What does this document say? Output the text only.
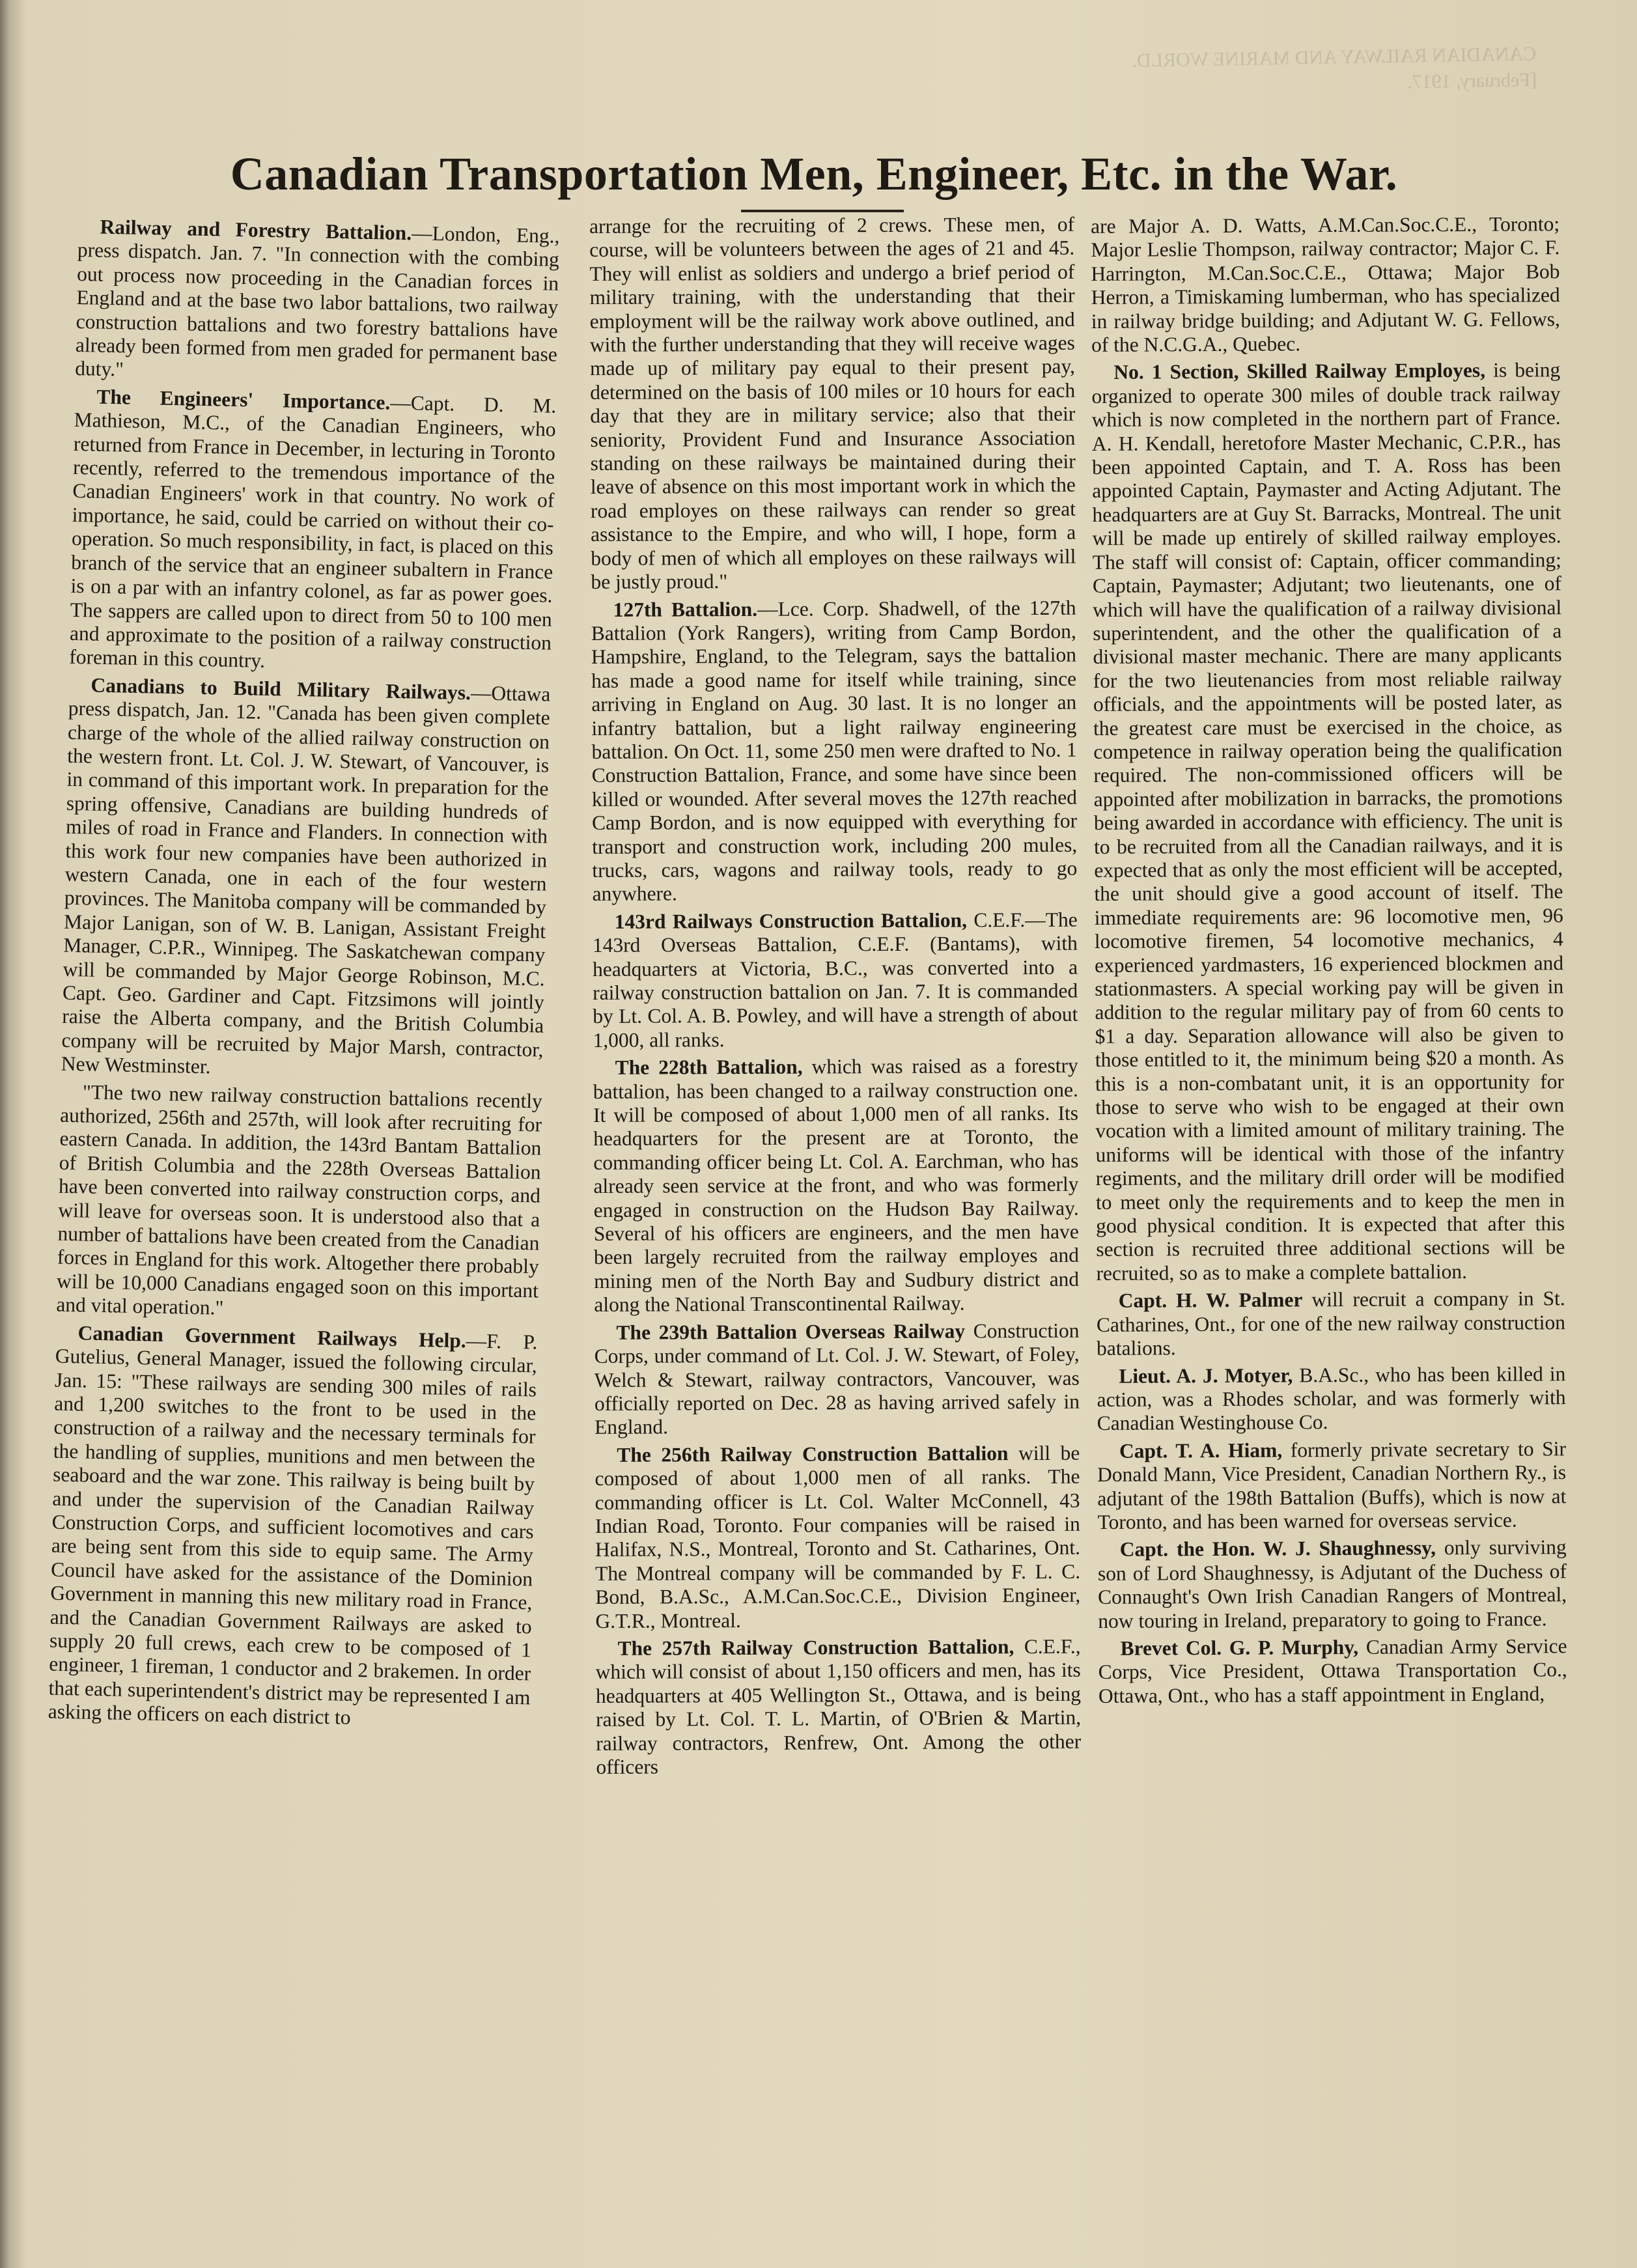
CANADIAN RAILWAY AND MARINE WORLD.
[February, 1917.
Canadian Transportation Men, Engineer, Etc. in the War.

Railway and Forestry Battalion.—London, Eng., press dispatch. Jan. 7. "In connection with the combing out process now proceeding in the Canadian forces in England and at the base two labor battalions, two railway construction battalions and two forestry battalions have already been formed from men graded for permanent base duty."

The Engineers' Importance.—Capt. D. M. Mathieson, M.C., of the Canadian Engineers, who returned from France in December, in lecturing in Toronto recently, referred to the tremendous importance of the Canadian Engineers' work in that country. No work of importance, he said, could be carried on without their co-operation. So much responsibility, in fact, is placed on this branch of the service that an engineer subaltern in France is on a par with an infantry colonel, as far as power goes. The sappers are called upon to direct from 50 to 100 men and approximate to the position of a railway construction foreman in this country.

Canadians to Build Military Railways.—Ottawa press dispatch, Jan. 12. "Canada has been given complete charge of the whole of the allied railway construction on the western front. Lt. Col. J. W. Stewart, of Vancouver, is in command of this important work. In preparation for the spring offensive, Canadians are building hundreds of miles of road in France and Flanders. In connection with this work four new companies have been authorized in western Canada, one in each of the four western provinces. The Manitoba company will be commanded by Major Lanigan, son of W. B. Lanigan, Assistant Freight Manager, C.P.R., Winnipeg. The Saskatchewan company will be commanded by Major George Robinson, M.C. Capt. Geo. Gardiner and Capt. Fitzsimons will jointly raise the Alberta company, and the British Columbia company will be recruited by Major Marsh, contractor, New Westminster.

"The two new railway construction battalions recently authorized, 256th and 257th, will look after recruiting for eastern Canada. In addition, the 143rd Bantam Battalion of British Columbia and the 228th Overseas Battalion have been converted into railway construction corps, and will leave for overseas soon. It is understood also that a number of battalions have been created from the Canadian forces in England for this work. Altogether there probably will be 10,000 Canadians engaged soon on this important and vital operation."

Canadian Government Railways Help.—F. P. Gutelius, General Manager, issued the following circular, Jan. 15: "These railways are sending 300 miles of rails and 1,200 switches to the front to be used in the construction of a railway and the necessary terminals for the handling of supplies, munitions and men between the seaboard and the war zone. This railway is being built by and under the supervision of the Canadian Railway Construction Corps, and sufficient locomotives and cars are being sent from this side to equip same. The Army Council have asked for the assistance of the Dominion Government in manning this new military road in France, and the Canadian Government Railways are asked to supply 20 full crews, each crew to be composed of 1 engineer, 1 fireman, 1 conductor and 2 brakemen. In order that each superintendent's district may be represented I am asking the officers on each district to

arrange for the recruiting of 2 crews. These men, of course, will be volunteers between the ages of 21 and 45. They will enlist as soldiers and undergo a brief period of military training, with the understanding that their employment will be the railway work above outlined, and with the further understanding that they will receive wages made up of military pay equal to their present pay, determined on the basis of 100 miles or 10 hours for each day that they are in military service; also that their seniority, Provident Fund and Insurance Association standing on these railways be maintained during their leave of absence on this most important work in which the road employes on these railways can render so great assistance to the Empire, and who will, I hope, form a body of men of which all employes on these railways will be justly proud."

127th Battalion.—Lce. Corp. Shadwell, of the 127th Battalion (York Rangers), writing from Camp Bordon, Hampshire, England, to the Telegram, says the battalion has made a good name for itself while training, since arriving in England on Aug. 30 last. It is no longer an infantry battalion, but a light railway engineering battalion. On Oct. 11, some 250 men were drafted to No. 1 Construction Battalion, France, and some have since been killed or wounded. After several moves the 127th reached Camp Bordon, and is now equipped with everything for transport and construction work, including 200 mules, trucks, cars, wagons and railway tools, ready to go anywhere.

143rd Railways Construction Battalion, C.E.F.—The 143rd Overseas Battalion, C.E.F. (Bantams), with headquarters at Victoria, B.C., was converted into a railway construction battalion on Jan. 7. It is commanded by Lt. Col. A. B. Powley, and will have a strength of about 1,000, all ranks.

The 228th Battalion, which was raised as a forestry battalion, has been changed to a railway construction one. It will be composed of about 1,000 men of all ranks. Its headquarters for the present are at Toronto, the commanding officer being Lt. Col. A. Earchman, who has already seen service at the front, and who was formerly engaged in construction on the Hudson Bay Railway. Several of his officers are engineers, and the men have been largely recruited from the railway employes and mining men of the North Bay and Sudbury district and along the National Transcontinental Railway.

The 239th Battalion Overseas Railway Construction Corps, under command of Lt. Col. J. W. Stewart, of Foley, Welch & Stewart, railway contractors, Vancouver, was officially reported on Dec. 28 as having arrived safely in England.

The 256th Railway Construction Battalion will be composed of about 1,000 men of all ranks. The commanding officer is Lt. Col. Walter McConnell, 43 Indian Road, Toronto. Four companies will be raised in Halifax, N.S., Montreal, Toronto and St. Catharines, Ont. The Montreal company will be commanded by F. L. C. Bond, B.A.Sc., A.M.Can.Soc.C.E., Division Engineer, G.T.R., Montreal.

The 257th Railway Construction Battalion, C.E.F., which will consist of about 1,150 officers and men, has its headquarters at 405 Wellington St., Ottawa, and is being raised by Lt. Col. T. L. Martin, of O'Brien & Martin, railway contractors, Renfrew, Ont. Among the other officers

are Major A. D. Watts, A.M.Can.Soc.C.E., Toronto; Major Leslie Thompson, railway contractor; Major C. F. Harrington, M.Can.Soc.C.E., Ottawa; Major Bob Herron, a Timiskaming lumberman, who has specialized in railway bridge building; and Adjutant W. G. Fellows, of the N.C.G.A., Quebec.

No. 1 Section, Skilled Railway Employes, is being organized to operate 300 miles of double track railway which is now completed in the northern part of France. A. H. Kendall, heretofore Master Mechanic, C.P.R., has been appointed Captain, and T. A. Ross has been appointed Captain, Paymaster and Acting Adjutant. The headquarters are at Guy St. Barracks, Montreal. The unit will be made up entirely of skilled railway employes. The staff will consist of: Captain, officer commanding; Captain, Paymaster; Adjutant; two lieutenants, one of which will have the qualification of a railway divisional superintendent, and the other the qualification of a divisional master mechanic. There are many applicants for the two lieutenancies from most reliable railway officials, and the appointments will be posted later, as the greatest care must be exercised in the choice, as competence in railway operation being the qualification required. The non-commissioned officers will be appointed after mobilization in barracks, the promotions being awarded in accordance with efficiency. The unit is to be recruited from all the Canadian railways, and it is expected that as only the most efficient will be accepted, the unit should give a good account of itself. The immediate requirements are: 96 locomotive men, 96 locomotive firemen, 54 locomotive mechanics, 4 experienced yardmasters, 16 experienced blockmen and stationmasters. A special working pay will be given in addition to the regular military pay of from 60 cents to $1 a day. Separation allowance will also be given to those entitled to it, the minimum being $20 a month. As this is a non-combatant unit, it is an opportunity for those to serve who wish to be engaged at their own vocation with a limited amount of military training. The uniforms will be identical with those of the infantry regiments, and the military drill order will be modified to meet only the requirements and to keep the men in good physical condition. It is expected that after this section is recruited three additional sections will be recruited, so as to make a complete battalion.

Capt. H. W. Palmer will recruit a company in St. Catharines, Ont., for one of the new railway construction batalions.

Lieut. A. J. Motyer, B.A.Sc., who has been killed in action, was a Rhodes scholar, and was formerly with Canadian Westinghouse Co.

Capt. T. A. Hiam, formerly private secretary to Sir Donald Mann, Vice President, Canadian Northern Ry., is adjutant of the 198th Battalion (Buffs), which is now at Toronto, and has been warned for overseas service.

Capt. the Hon. W. J. Shaughnessy, only surviving son of Lord Shaughnessy, is Adjutant of the Duchess of Connaught's Own Irish Canadian Rangers of Montreal, now touring in Ireland, preparatory to going to France.

Brevet Col. G. P. Murphy, Canadian Army Service Corps, Vice President, Ottawa Transportation Co., Ottawa, Ont., who has a staff appointment in England,
